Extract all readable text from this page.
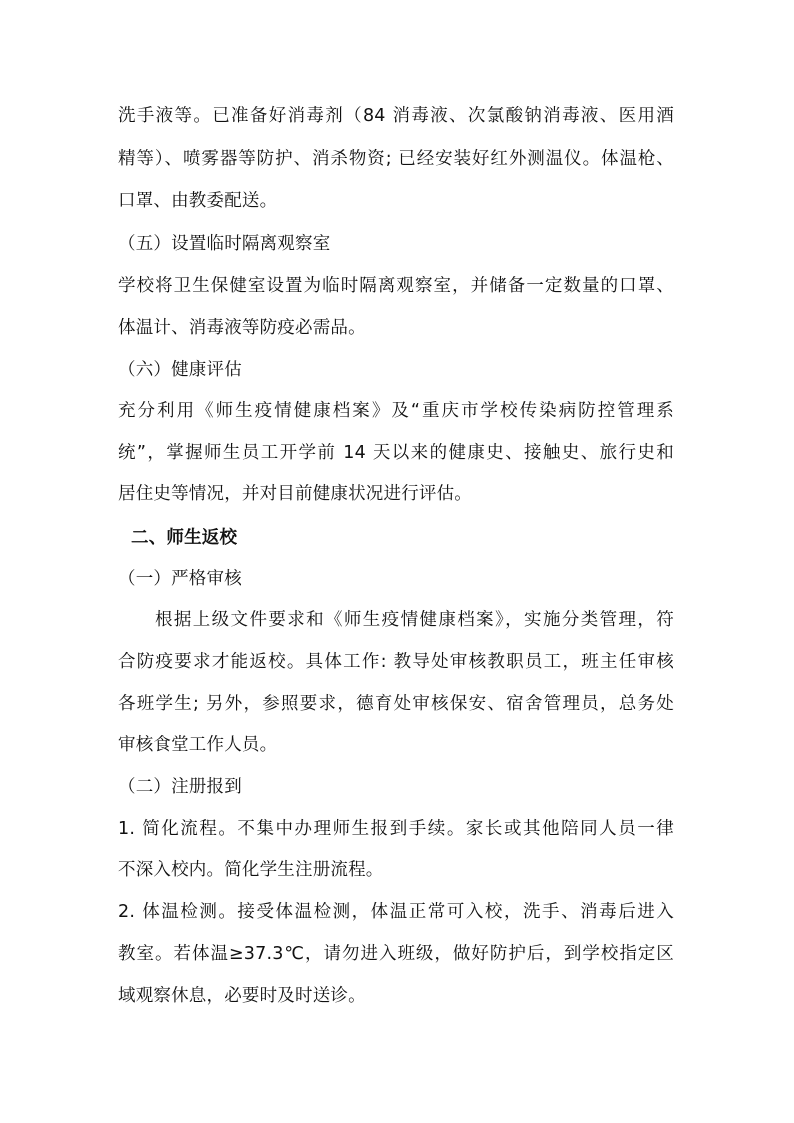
洗手液等。已准备好消毒剂（84 消毒液、次氯酸钠消毒液、医用酒
精等）、喷雾器等防护、消杀物资; 已经安装好红外测温仪。体温枪、
口罩、由教委配送。
（五）设置临时隔离观察室
学校将卫生保健室设置为临时隔离观察室，并储备一定数量的口罩、
体温计、消毒液等防疫必需品。
（六）健康评估
充分利用《师生疫情健康档案》及“重庆市学校传染病防控管理系
统”，掌握师生员工开学前 14 天以来的健康史、接触史、旅行史和
居住史等情况，并对目前健康状况进行评估。
二、师生返校
（一）严格审核
根据上级文件要求和《师生疫情健康档案》，实施分类管理，符
合防疫要求才能返校。具体工作: 教导处审核教职员工，班主任审核
各班学生; 另外，参照要求，德育处审核保安、宿舍管理员，总务处
审核食堂工作人员。
（二）注册报到
1. 简化流程。不集中办理师生报到手续。家长或其他陪同人员一律
不深入校内。简化学生注册流程。
2. 体温检测。接受体温检测，体温正常可入校，洗手、消毒后进入
教室。若体温≥37.3℃，请勿进入班级，做好防护后，到学校指定区
域观察休息，必要时及时送诊。
